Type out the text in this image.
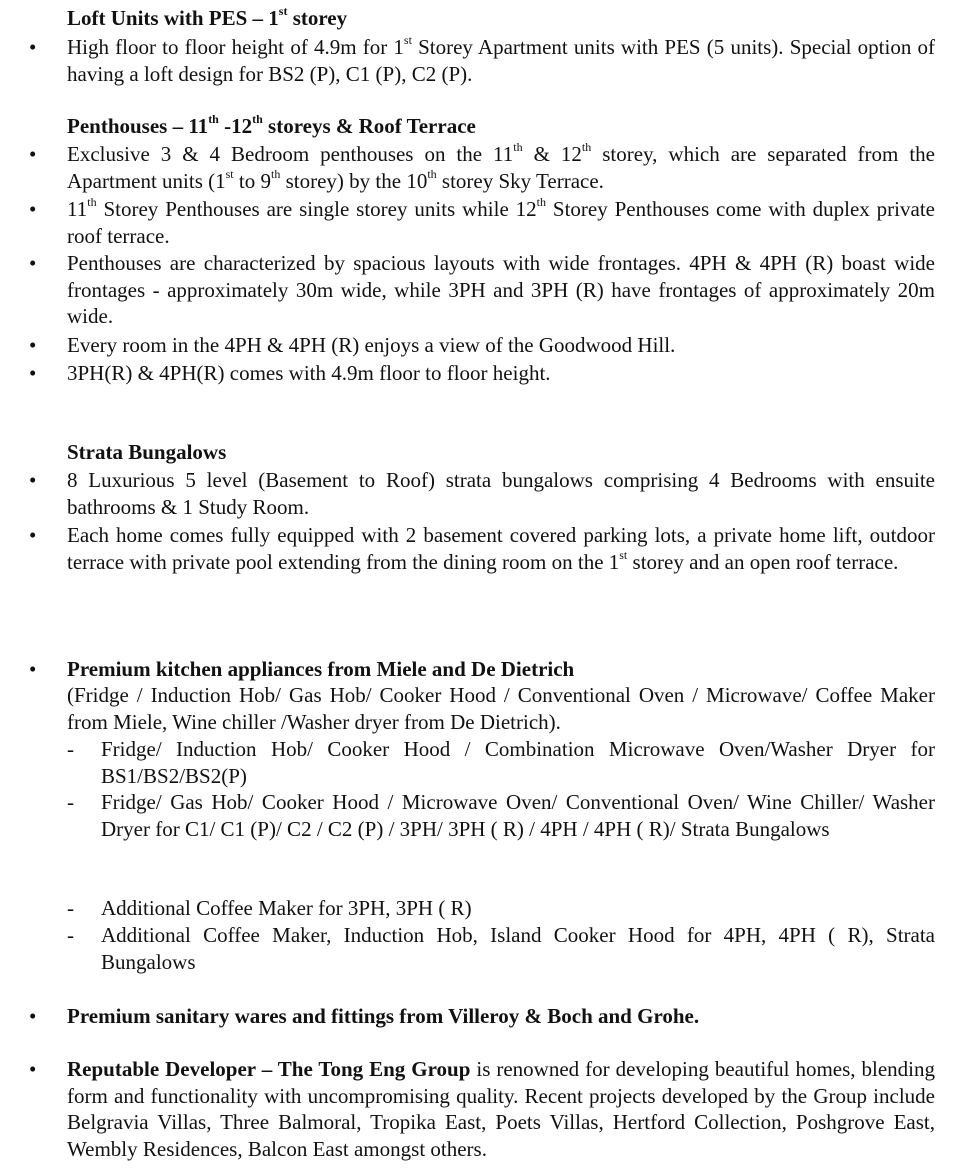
Loft Units with PES – 1st storey
• High floor to floor height of 4.9m for 1st Storey Apartment units with PES (5 units). Special option of having a loft design for BS2 (P), C1 (P), C2 (P).
Penthouses – 11th -12th storeys & Roof Terrace
• Exclusive 3 & 4 Bedroom penthouses on the 11th & 12th storey, which are separated from the Apartment units (1st to 9th storey) by the 10th storey Sky Terrace.
• 11th Storey Penthouses are single storey units while 12th Storey Penthouses come with duplex private roof terrace.
• Penthouses are characterized by spacious layouts with wide frontages. 4PH & 4PH (R) boast wide frontages - approximately 30m wide, while 3PH and 3PH (R) have frontages of approximately 20m wide.
• Every room in the 4PH & 4PH (R) enjoys a view of the Goodwood Hill.
• 3PH(R) & 4PH(R) comes with 4.9m floor to floor height.
Strata Bungalows
• 8 Luxurious 5 level (Basement to Roof) strata bungalows comprising 4 Bedrooms with ensuite bathrooms & 1 Study Room.
• Each home comes fully equipped with 2 basement covered parking lots, a private home lift, outdoor terrace with private pool extending from the dining room on the 1st storey and an open roof terrace.
• Premium kitchen appliances from Miele and De Dietrich
(Fridge / Induction Hob/ Gas Hob/ Cooker Hood / Conventional Oven / Microwave/ Coffee Maker from Miele, Wine chiller /Washer dryer from De Dietrich).
- Fridge/ Induction Hob/ Cooker Hood / Combination Microwave Oven/Washer Dryer for BS1/BS2/BS2(P)
- Fridge/ Gas Hob/ Cooker Hood / Microwave Oven/ Conventional Oven/ Wine Chiller/ Washer Dryer for C1/ C1 (P)/ C2 / C2 (P) / 3PH/ 3PH ( R) / 4PH / 4PH ( R)/ Strata Bungalows
- Additional Coffee Maker for 3PH, 3PH ( R)
- Additional Coffee Maker, Induction Hob, Island Cooker Hood for 4PH, 4PH ( R), Strata Bungalows
• Premium sanitary wares and fittings from Villeroy & Boch and Grohe.
• Reputable Developer – The Tong Eng Group is renowned for developing beautiful homes, blending form and functionality with uncompromising quality. Recent projects developed by the Group include Belgravia Villas, Three Balmoral, Tropika East, Poets Villas, Hertford Collection, Poshgrove East, Wembly Residences, Balcon East amongst others.
